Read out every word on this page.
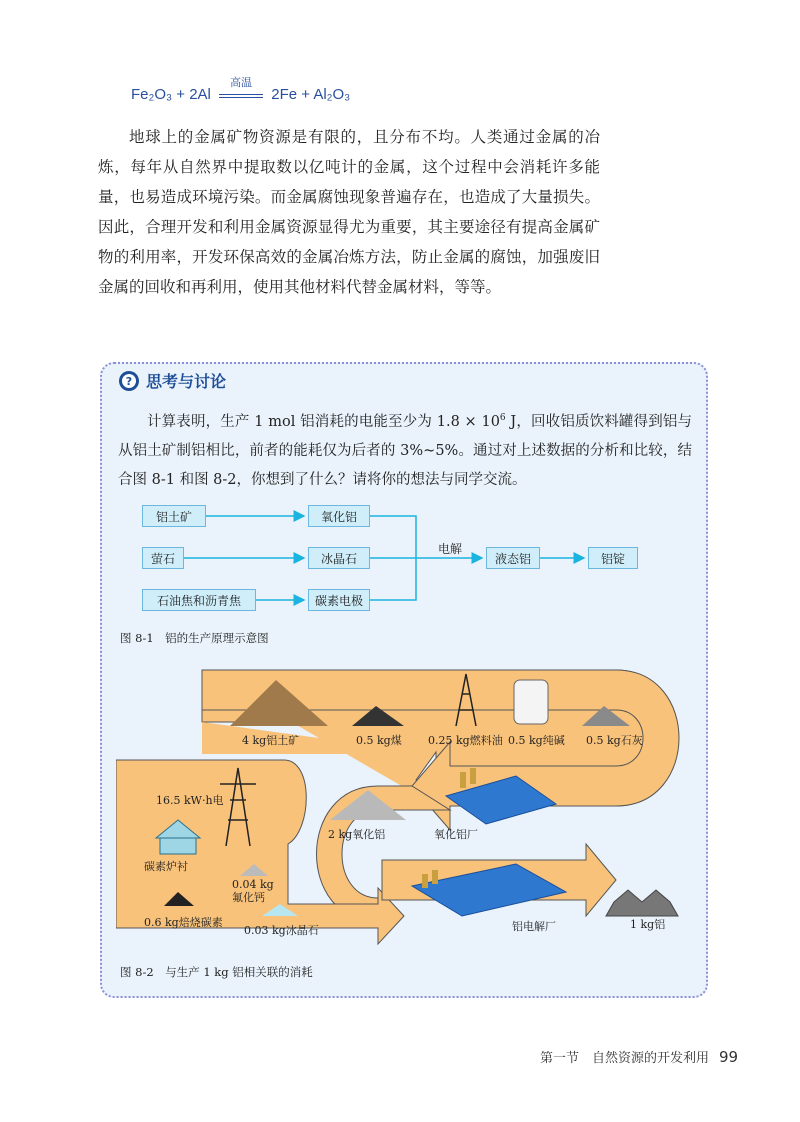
Fe₂O₃ + 2Al
高温
2Fe + Al₂O₃
地球上的金属矿物资源是有限的，且分布不均。人类通过金属的冶炼，每年从自然界中提取数以亿吨计的金属，这个过程中会消耗许多能量，也易造成环境污染。而金属腐蚀现象普遍存在，也造成了大量损失。因此，合理开发和利用金属资源显得尤为重要，其主要途径有提高金属矿物的利用率，开发环保高效的金属冶炼方法，防止金属的腐蚀，加强废旧金属的回收和再利用，使用其他材料代替金属材料，等等。
? 思考与讨论
计算表明，生产 1 mol 铝消耗的电能至少为 $1.8 \times 10^6$ J，回收铝质饮料罐得到铝与从铝土矿制铝相比，前者的能耗仅为后者的 3%~5%。通过对上述数据的分析和比较，结合图 8-1 和图 8-2，你想到了什么？请将你的想法与同学交流。
铝土矿
萤石
石油焦和沥青焦
氧化铝
冰晶石
碳素电极
电解
液态铝	铝锭
图 8-1　铝的生产原理示意图
4 kg铝土矿	0.5 kg煤 0.25 kg燃料油 0.5 kg纯碱 0.5 kg石灰
2 kg氧化铝	氧化铝厂
16.5 kW·h电
碳素炉衬
0.04 kg
氟化钙
0.6 kg焙烧碳素
0.03 kg冰晶石	铝电解厂	1 kg铝
图 8-2　与生产 1 kg 铝相关联的消耗
第一节　自然资源的开发利用 99
